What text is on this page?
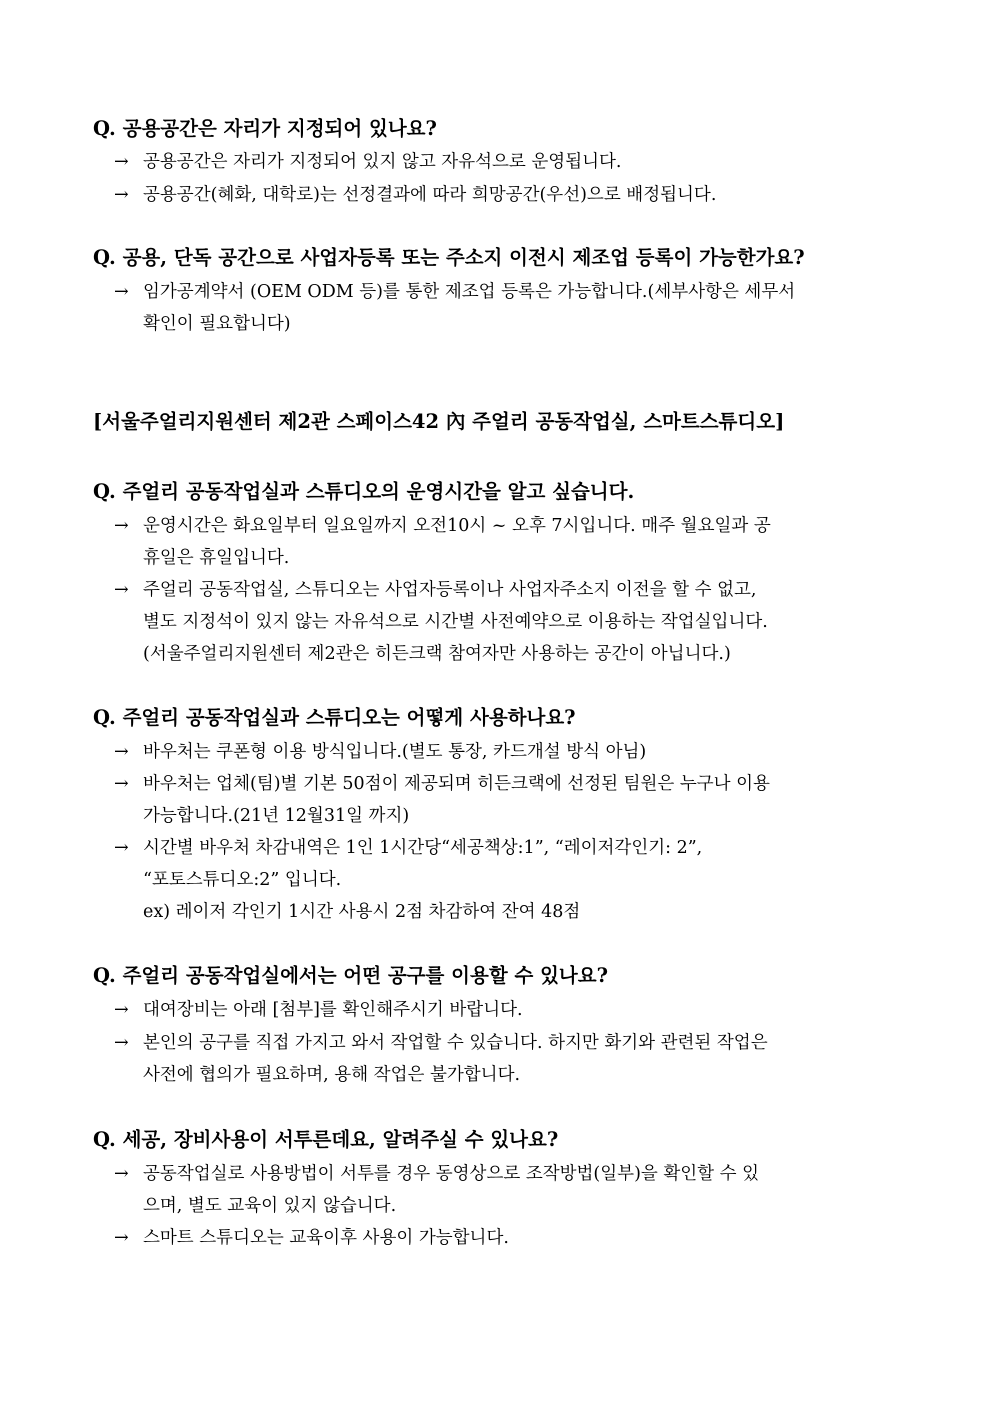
Q. 공용공간은 자리가 지정되어 있나요?
→ 공용공간은 자리가 지정되어 있지 않고 자유석으로 운영됩니다.
→ 공용공간(혜화, 대학로)는 선정결과에 따라 희망공간(우선)으로 배정됩니다.
Q. 공용, 단독 공간으로 사업자등록 또는 주소지 이전시 제조업 등록이 가능한가요?
→ 임가공계약서 (OEM ODM 등)를 통한 제조업 등록은 가능합니다.(세부사항은 세무서
확인이 필요합니다)
[서울주얼리지원센터 제2관 스페이스42 內 주얼리 공동작업실, 스마트스튜디오]
Q. 주얼리 공동작업실과 스튜디오의 운영시간을 알고 싶습니다.
→ 운영시간은 화요일부터 일요일까지 오전10시 ~ 오후 7시입니다. 매주 월요일과 공
휴일은 휴일입니다.
→ 주얼리 공동작업실, 스튜디오는 사업자등록이나 사업자주소지 이전을 할 수 없고,
별도 지정석이 있지 않는 자유석으로 시간별 사전예약으로 이용하는 작업실입니다.
(서울주얼리지원센터 제2관은 히든크랙 참여자만 사용하는 공간이 아닙니다.)
Q. 주얼리 공동작업실과 스튜디오는 어떻게 사용하나요?
→ 바우처는 쿠폰형 이용 방식입니다.(별도 통장, 카드개설 방식 아님)
→ 바우처는 업체(팀)별 기본 50점이 제공되며 히든크랙에 선정된 팀원은 누구나 이용
가능합니다.(21년 12월31일 까지)
→ 시간별 바우처 차감내역은 1인 1시간당“세공책상:1”, “레이저각인기: 2”,
“포토스튜디오:2” 입니다.
ex) 레이저 각인기 1시간 사용시 2점 차감하여 잔여 48점
Q. 주얼리 공동작업실에서는 어떤 공구를 이용할 수 있나요?
→ 대여장비는 아래 [첨부]를 확인해주시기 바랍니다.
→ 본인의 공구를 직접 가지고 와서 작업할 수 있습니다. 하지만 화기와 관련된 작업은
사전에 협의가 필요하며, 용해 작업은 불가합니다.
Q. 세공, 장비사용이 서투른데요, 알려주실 수 있나요?
→ 공동작업실로 사용방법이 서투를 경우 동영상으로 조작방법(일부)을 확인할 수 있
으며, 별도 교육이 있지 않습니다.
→ 스마트 스튜디오는 교육이후 사용이 가능합니다.
